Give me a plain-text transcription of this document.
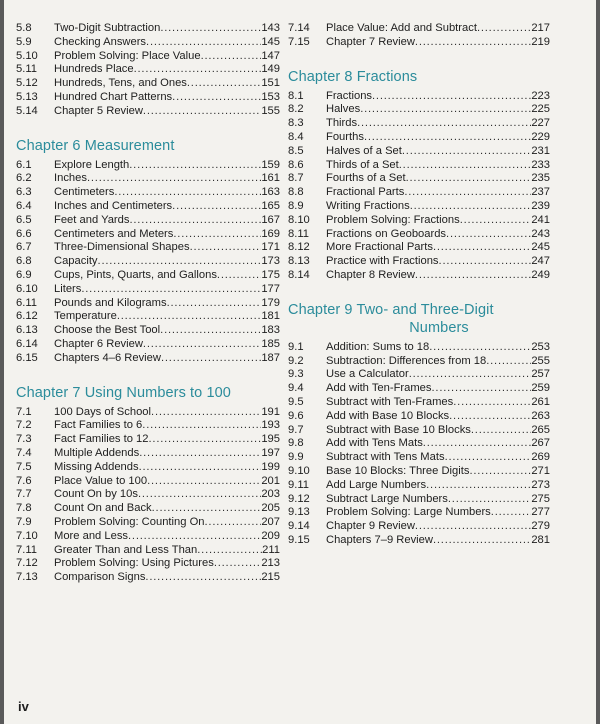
5.8	Two-Digit Subtraction .....	143
5.9	Checking Answers .....	145
5.10	Problem Solving: Place Value .....	147
5.11	Hundreds Place .....	149
5.12	Hundreds, Tens, and Ones .....	151
5.13	Hundred Chart Patterns .....	153
5.14	Chapter 5 Review .....	155
Chapter 6 Measurement
6.1	Explore Length .....	159
6.2	Inches .....	161
6.3	Centimeters .....	163
6.4	Inches and Centimeters .....	165
6.5	Feet and Yards .....	167
6.6	Centimeters and Meters .....	169
6.7	Three-Dimensional Shapes .....	171
6.8	Capacity .....	173
6.9	Cups, Pints, Quarts, and Gallons .....	175
6.10	Liters .....	177
6.11	Pounds and Kilograms .....	179
6.12	Temperature .....	181
6.13	Choose the Best Tool .....	183
6.14	Chapter 6 Review .....	185
6.15	Chapters 4–6 Review .....	187
Chapter 7 Using Numbers to 100
7.1	100 Days of School .....	191
7.2	Fact Families to 6 .....	193
7.3	Fact Families to 12 .....	195
7.4	Multiple Addends .....	197
7.5	Missing Addends .....	199
7.6	Place Value to 100 .....	201
7.7	Count On by 10s .....	203
7.8	Count On and Back .....	205
7.9	Problem Solving: Counting On .....	207
7.10	More and Less .....	209
7.11	Greater Than and Less Than .....	211
7.12	Problem Solving: Using Pictures .....	213
7.13	Comparison Signs .....	215
7.14	Place Value: Add and Subtract .....	217
7.15	Chapter 7 Review .....	219
Chapter 8 Fractions
8.1	Fractions .....	223
8.2	Halves .....	225
8.3	Thirds .....	227
8.4	Fourths .....	229
8.5	Halves of a Set .....	231
8.6	Thirds of a Set .....	233
8.7	Fourths of a Set .....	235
8.8	Fractional Parts .....	237
8.9	Writing Fractions .....	239
8.10	Problem Solving: Fractions .....	241
8.11	Fractions on Geoboards .....	243
8.12	More Fractional Parts .....	245
8.13	Practice with Fractions .....	247
8.14	Chapter 8 Review .....	249
Chapter 9 Two- and Three-Digit
Numbers
9.1	Addition: Sums to 18 .....	253
9.2	Subtraction: Differences from 18 .....	255
9.3	Use a Calculator .....	257
9.4	Add with Ten-Frames .....	259
9.5	Subtract with Ten-Frames .....	261
9.6	Add with Base 10 Blocks .....	263
9.7	Subtract with Base 10 Blocks .....	265
9.8	Add with Tens Mats .....	267
9.9	Subtract with Tens Mats .....	269
9.10	Base 10 Blocks: Three Digits .....	271
9.11	Add Large Numbers .....	273
9.12	Subtract Large Numbers .....	275
9.13	Problem Solving: Large Numbers .....	277
9.14	Chapter 9 Review .....	279
9.15	Chapters 7–9 Review .....	281
iv
